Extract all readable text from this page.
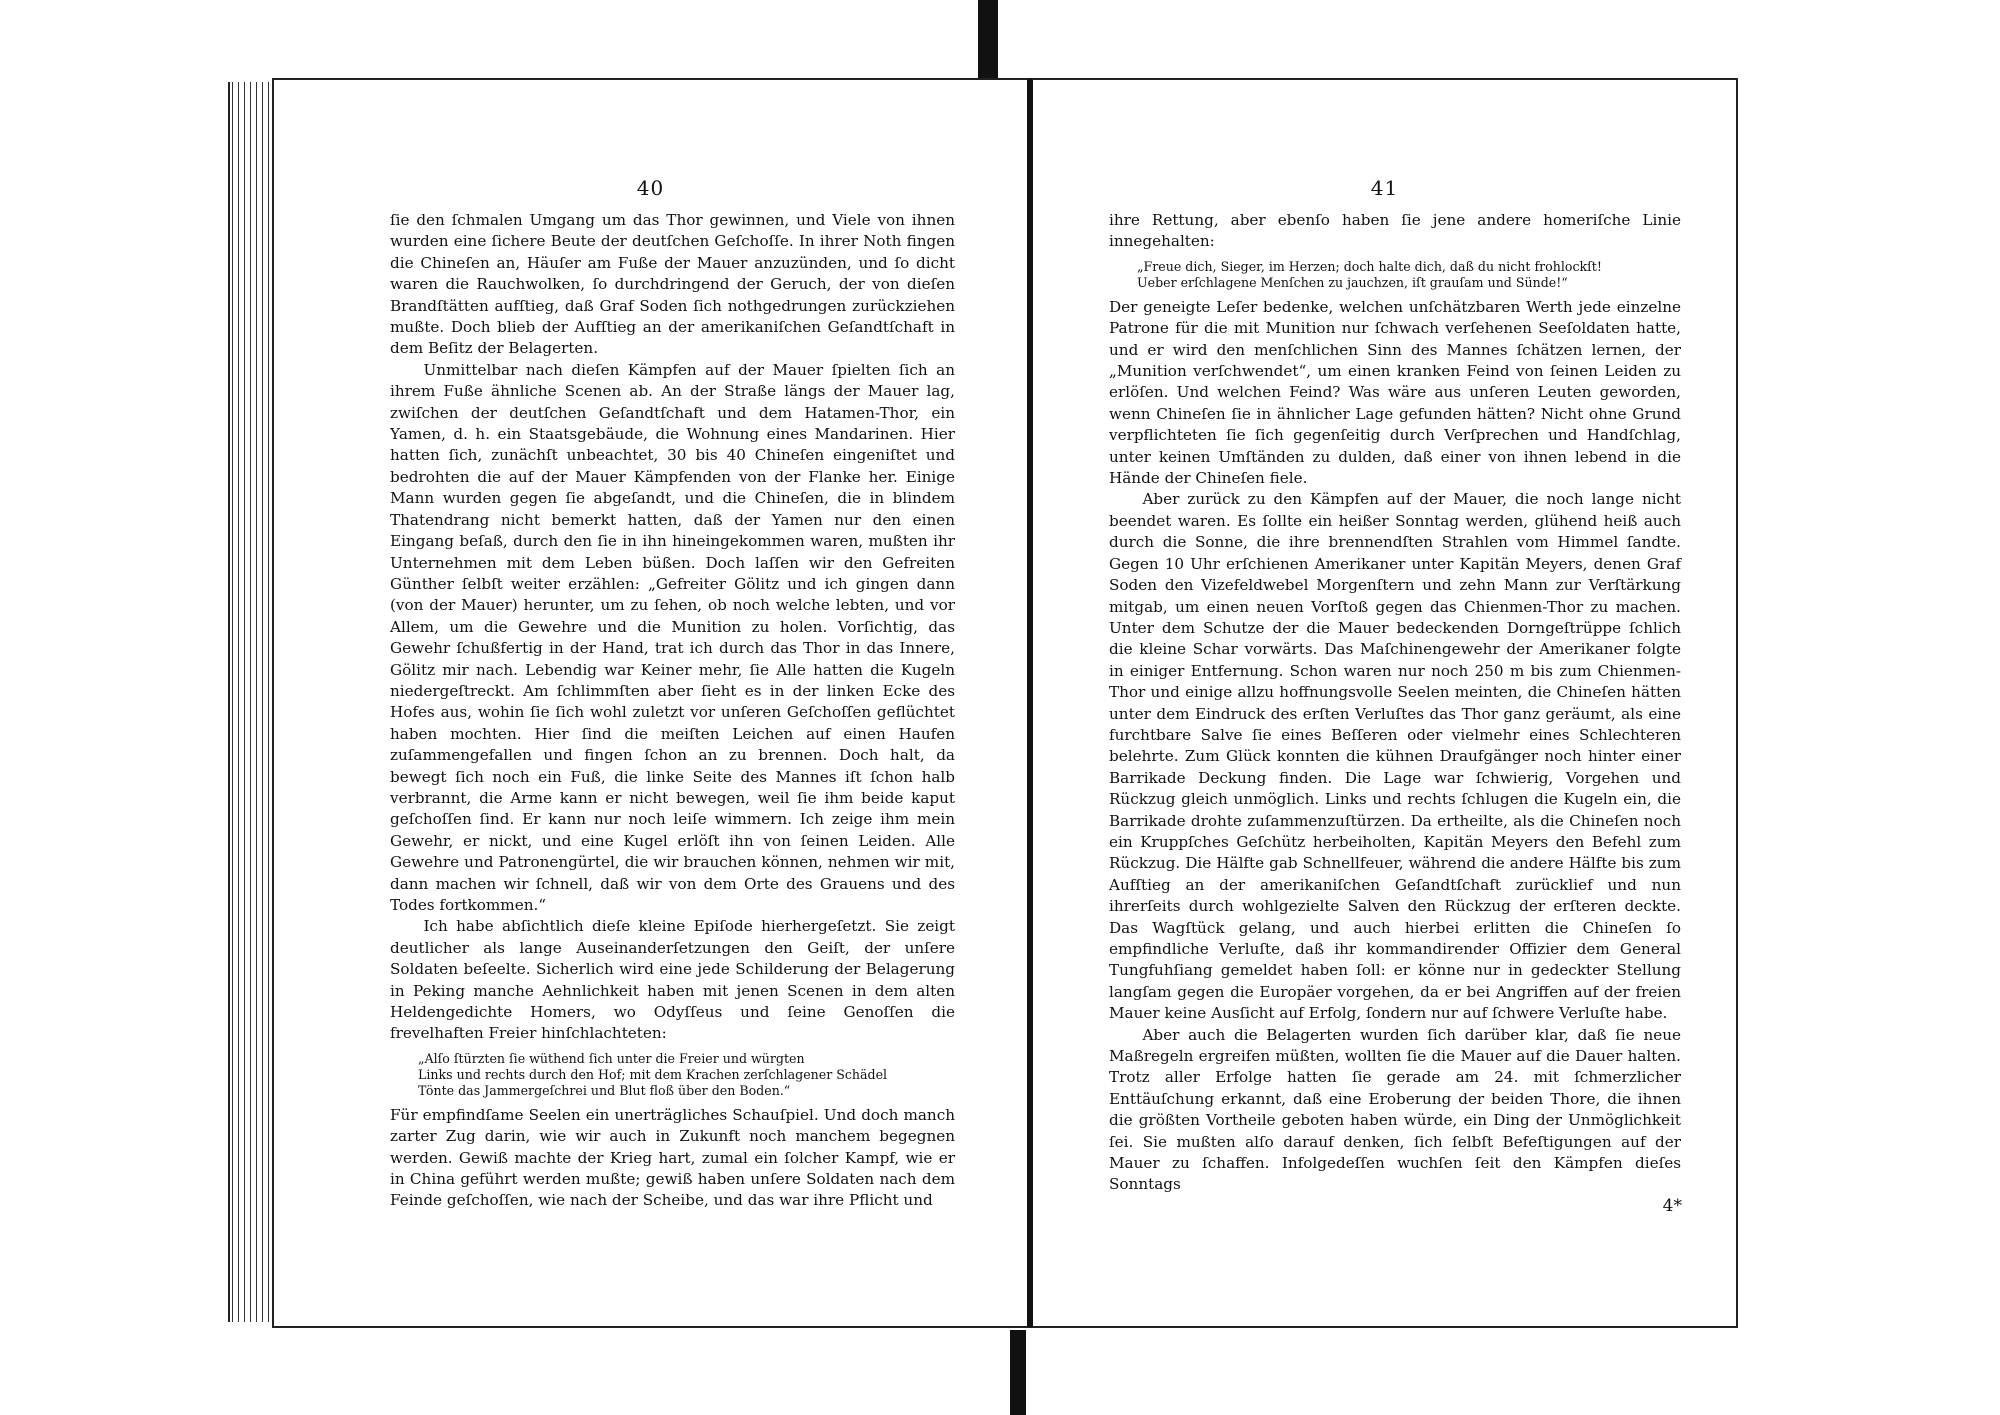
40

ſie den ſchmalen Umgang um das Thor gewinnen, und Viele von ihnen wurden eine ſichere Beute der deutſchen Geſchoſſe. In ihrer Noth fingen die Chineſen an, Häuſer am Fuße der Mauer anzuzünden, und ſo dicht waren die Rauchwolken, ſo durchdringend der Geruch, der von dieſen Brandſtätten aufſtieg, daß Graf Soden ſich nothgedrungen zurückziehen mußte. Doch blieb der Aufſtieg an der amerikaniſchen Geſandtſchaft in dem Beſitz der Belagerten.

Unmittelbar nach dieſen Kämpfen auf der Mauer ſpielten ſich an ihrem Fuße ähnliche Scenen ab. An der Straße längs der Mauer lag, zwiſchen der deutſchen Geſandtſchaft und dem Hatamen-Thor, ein Yamen, d. h. ein Staatsgebäude, die Wohnung eines Mandarinen. Hier hatten ſich, zunächſt unbeachtet, 30 bis 40 Chineſen eingeniſtet und bedrohten die auf der Mauer Kämpfenden von der Flanke her. Einige Mann wurden gegen ſie abgeſandt, und die Chineſen, die in blindem Thatendrang nicht bemerkt hatten, daß der Yamen nur den einen Eingang beſaß, durch den ſie in ihn hineingekommen waren, mußten ihr Unternehmen mit dem Leben büßen. Doch laſſen wir den Gefreiten Günther ſelbſt weiter erzählen: „Gefreiter Gölitz und ich gingen dann (von der Mauer) herunter, um zu ſehen, ob noch welche lebten, und vor Allem, um die Gewehre und die Munition zu holen. Vorſichtig, das Gewehr ſchußfertig in der Hand, trat ich durch das Thor in das Innere, Gölitz mir nach. Lebendig war Keiner mehr, ſie Alle hatten die Kugeln niedergeſtreckt. Am ſchlimmſten aber ſieht es in der linken Ecke des Hofes aus, wohin ſie ſich wohl zuletzt vor unſeren Geſchoſſen geflüchtet haben mochten. Hier ſind die meiſten Leichen auf einen Haufen zuſammengefallen und fingen ſchon an zu brennen. Doch halt, da bewegt ſich noch ein Fuß, die linke Seite des Mannes iſt ſchon halb verbrannt, die Arme kann er nicht bewegen, weil ſie ihm beide kaput geſchoſſen ſind. Er kann nur noch leiſe wimmern. Ich zeige ihm mein Gewehr, er nickt, und eine Kugel erlöſt ihn von ſeinen Leiden. Alle Gewehre und Patronengürtel, die wir brauchen können, nehmen wir mit, dann machen wir ſchnell, daß wir von dem Orte des Grauens und des Todes fortkommen.“

Ich habe abſichtlich dieſe kleine Epiſode hierhergeſetzt. Sie zeigt deutlicher als lange Auseinanderſetzungen den Geiſt, der unſere Soldaten beſeelte. Sicherlich wird eine jede Schilderung der Belagerung in Peking manche Aehnlichkeit haben mit jenen Scenen in dem alten Heldengedichte Homers, wo Odyſſeus und ſeine Genoſſen die frevelhaften Freier hinſchlachteten:

„Alſo ſtürzten ſie wüthend ſich unter die Freier und würgten
Links und rechts durch den Hof; mit dem Krachen zerſchlagener Schädel
Tönte das Jammergeſchrei und Blut floß über den Boden.“

Für empfindſame Seelen ein unerträgliches Schauſpiel. Und doch manch zarter Zug darin, wie wir auch in Zukunft noch manchem begegnen werden. Gewiß machte der Krieg hart, zumal ein ſolcher Kampf, wie er in China geführt werden mußte; gewiß haben unſere Soldaten nach dem Feinde geſchoſſen, wie nach der Scheibe, und das war ihre Pflicht und

41

ihre Rettung, aber ebenſo haben ſie jene andere homeriſche Linie innegehalten:

„Freue dich, Sieger, im Herzen; doch halte dich, daß du nicht frohlockſt!
Ueber erſchlagene Menſchen zu jauchzen, iſt grauſam und Sünde!“

Der geneigte Leſer bedenke, welchen unſchätzbaren Werth jede einzelne Patrone für die mit Munition nur ſchwach verſehenen Seeſoldaten hatte, und er wird den menſchlichen Sinn des Mannes ſchätzen lernen, der „Munition verſchwendet“, um einen kranken Feind von ſeinen Leiden zu erlöſen. Und welchen Feind? Was wäre aus unſeren Leuten geworden, wenn Chineſen ſie in ähnlicher Lage gefunden hätten? Nicht ohne Grund verpflichteten ſie ſich gegenſeitig durch Verſprechen und Handſchlag, unter keinen Umſtänden zu dulden, daß einer von ihnen lebend in die Hände der Chineſen fiele.

Aber zurück zu den Kämpfen auf der Mauer, die noch lange nicht beendet waren. Es ſollte ein heißer Sonntag werden, glühend heiß auch durch die Sonne, die ihre brennendſten Strahlen vom Himmel ſandte. Gegen 10 Uhr erſchienen Amerikaner unter Kapitän Meyers, denen Graf Soden den Vizefeldwebel Morgenſtern und zehn Mann zur Verſtärkung mitgab, um einen neuen Vorſtoß gegen das Chienmen-Thor zu machen. Unter dem Schutze der die Mauer bedeckenden Dorngeſtrüppe ſchlich die kleine Schar vorwärts. Das Maſchinengewehr der Amerikaner folgte in einiger Entfernung. Schon waren nur noch 250 m bis zum Chienmen-Thor und einige allzu hoffnungsvolle Seelen meinten, die Chineſen hätten unter dem Eindruck des erſten Verluſtes das Thor ganz geräumt, als eine furchtbare Salve ſie eines Beſſeren oder vielmehr eines Schlechteren belehrte. Zum Glück konnten die kühnen Draufgänger noch hinter einer Barrikade Deckung finden. Die Lage war ſchwierig, Vorgehen und Rückzug gleich unmöglich. Links und rechts ſchlugen die Kugeln ein, die Barrikade drohte zuſammenzuſtürzen. Da ertheilte, als die Chineſen noch ein Kruppſches Geſchütz herbeiholten, Kapitän Meyers den Befehl zum Rückzug. Die Hälfte gab Schnellfeuer, während die andere Hälfte bis zum Aufſtieg an der amerikaniſchen Geſandtſchaft zurücklief und nun ihrerſeits durch wohlgezielte Salven den Rückzug der erſteren deckte. Das Wagſtück gelang, und auch hierbei erlitten die Chineſen ſo empfindliche Verluſte, daß ihr kommandirender Offizier dem General Tungfuhſiang gemeldet haben ſoll: er könne nur in gedeckter Stellung langſam gegen die Europäer vorgehen, da er bei Angriffen auf der freien Mauer keine Ausſicht auf Erfolg, ſondern nur auf ſchwere Verluſte habe.

Aber auch die Belagerten wurden ſich darüber klar, daß ſie neue Maßregeln ergreifen müßten, wollten ſie die Mauer auf die Dauer halten. Trotz aller Erfolge hatten ſie gerade am 24. mit ſchmerzlicher Enttäuſchung erkannt, daß eine Eroberung der beiden Thore, die ihnen die größten Vortheile geboten haben würde, ein Ding der Unmöglichkeit ſei. Sie mußten alſo darauf denken, ſich ſelbſt Befeſtigungen auf der Mauer zu ſchaffen. Infolgedeſſen wuchſen ſeit den Kämpfen dieſes Sonntags

4*
